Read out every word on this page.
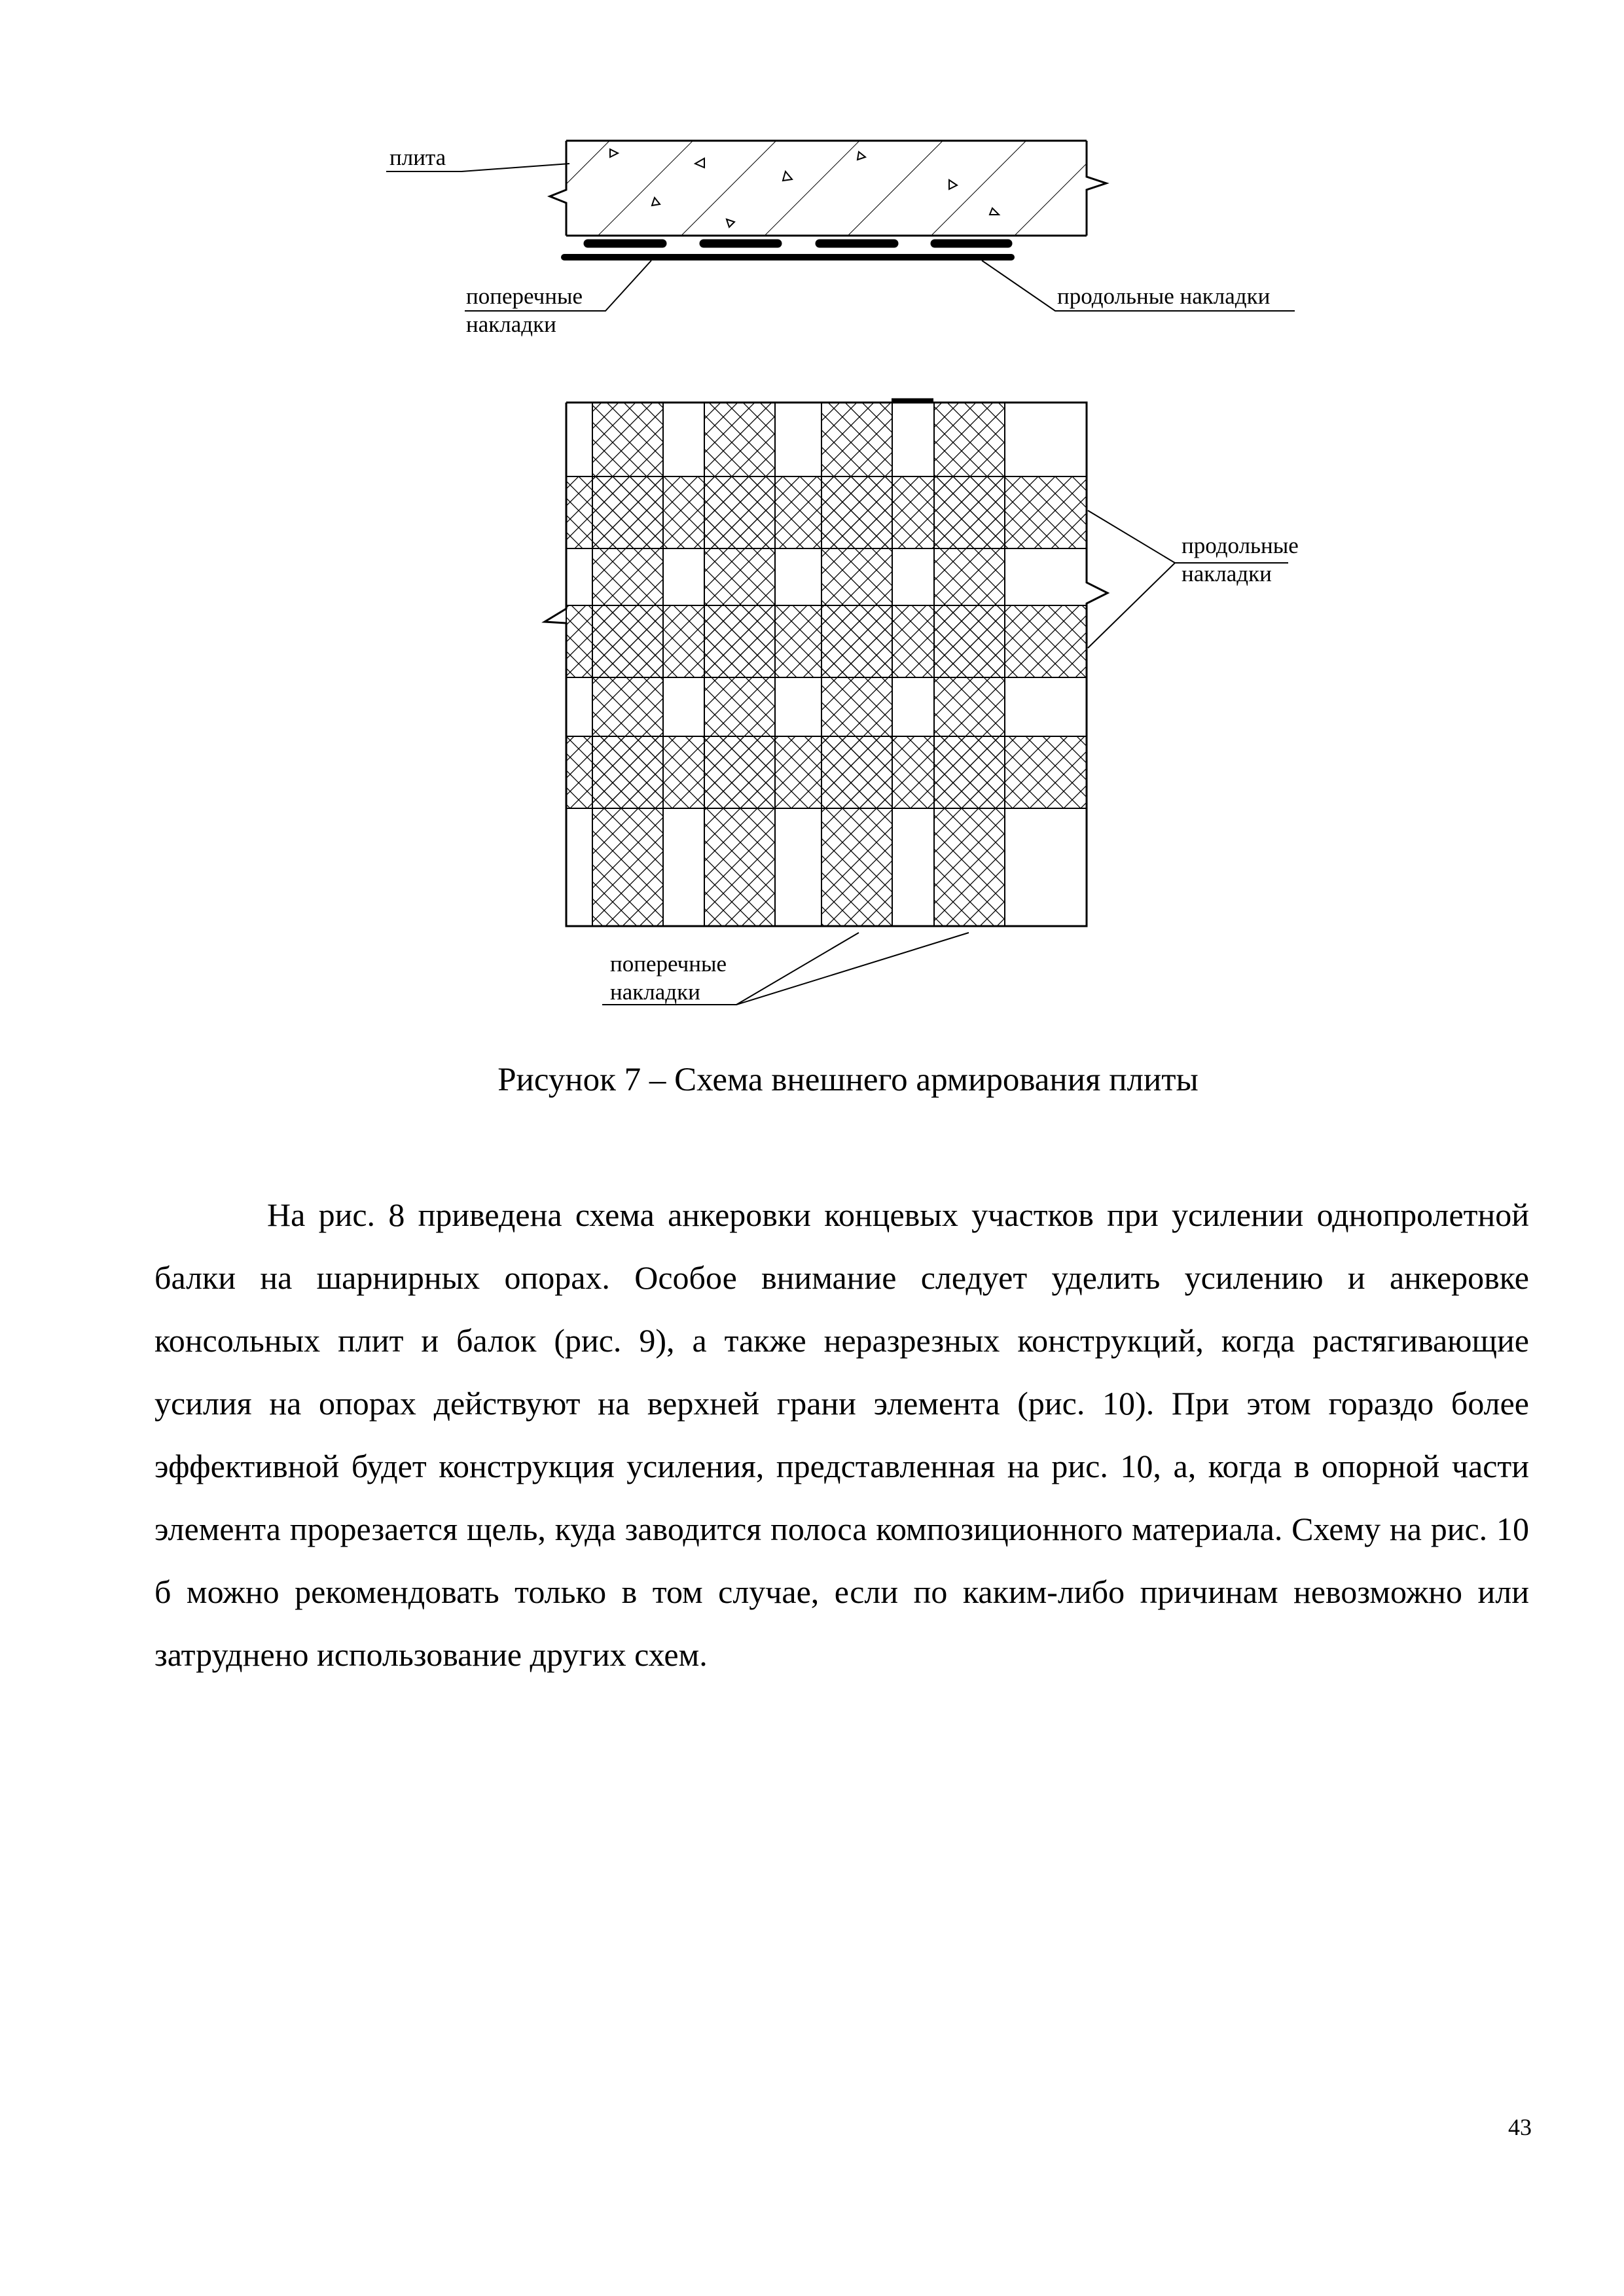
плита
поперечные
накладки
продольные накладки
продольные
накладки
поперечные
накладки
Рисунок 7 – Схема внешнего армирования плиты

На рис. 8 приведена схема анкеровки концевых участков при усилении однопролетной балки на шарнирных опорах. Особое внимание следует уделить усилению и анкеровке консольных плит и балок (рис. 9), а также неразрезных конструкций, когда растягивающие усилия на опорах действуют на верхней грани элемента (рис. 10). При этом гораздо более эффективной будет конструкция усиления, представленная на рис. 10, а, когда в опорной части элемента прорезается щель, куда заводится полоса композиционного материала. Схему на рис. 10 б можно рекомендовать только в том случае, если по каким-либо причинам невозможно или затруднено использование других схем.

43
